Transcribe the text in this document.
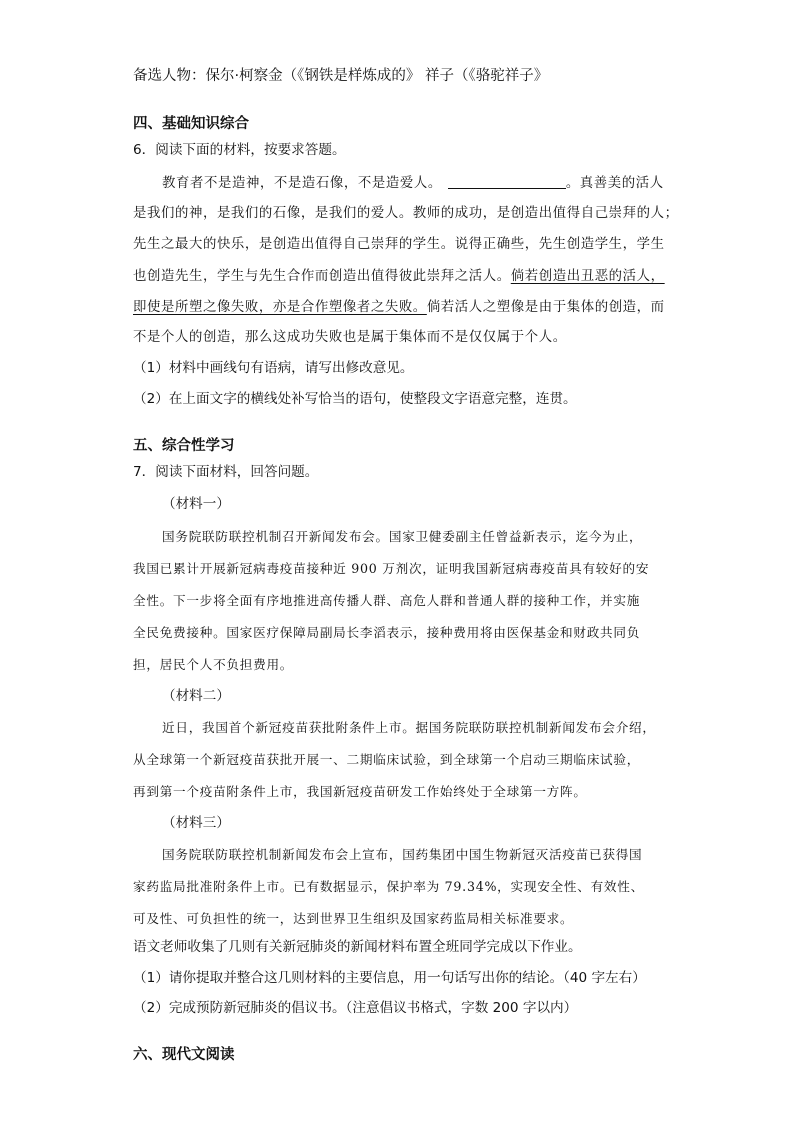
备选人物：保尔·柯察金（《钢铁是样炼成的》 祥子（《骆驼祥子》
四、基础知识综合
6．阅读下面的材料，按要求答题。
教育者不是造神，不是造石像，不是造爱人。	。真善美的活人
是我们的神，是我们的石像，是我们的爱人。教师的成功，是创造出值得自己崇拜的人；
先生之最大的快乐，是创造出值得自己崇拜的学生。说得正确些，先生创造学生，学生
也创造先生，学生与先生合作而创造出值得彼此崇拜之活人。倘若创造出丑恶的活人，
即使是所塑之像失败，亦是合作塑像者之失败。倘若活人之塑像是由于集体的创造，而
不是个人的创造，那么这成功失败也是属于集体而不是仅仅属于个人。
（1）材料中画线句有语病，请写出修改意见。
（2）在上面文字的横线处补写恰当的语句，使整段文字语意完整，连贯。
五、综合性学习
7．阅读下面材料，回答问题。
（材料一）
国务院联防联控机制召开新闻发布会。国家卫健委副主任曾益新表示，迄今为止，
我国已累计开展新冠病毒疫苗接种近 900 万剂次，证明我国新冠病毒疫苗具有较好的安
全性。下一步将全面有序地推进高传播人群、高危人群和普通人群的接种工作，并实施
全民免费接种。国家医疗保障局副局长李滔表示，接种费用将由医保基金和财政共同负
担，居民个人不负担费用。
（材料二）
近日，我国首个新冠疫苗获批附条件上市。据国务院联防联控机制新闻发布会介绍，
从全球第一个新冠疫苗获批开展一、二期临床试验，到全球第一个启动三期临床试验，
再到第一个疫苗附条件上市，我国新冠疫苗研发工作始终处于全球第一方阵。
（材料三）
国务院联防联控机制新闻发布会上宣布，国药集团中国生物新冠灭活疫苗已获得国
家药监局批准附条件上市。已有数据显示，保护率为 79.34%，实现安全性、有效性、
可及性、可负担性的统一，达到世界卫生组织及国家药监局相关标准要求。
语文老师收集了几则有关新冠肺炎的新闻材料布置全班同学完成以下作业。
（1）请你提取并整合这几则材料的主要信息，用一句话写出你的结论。（40 字左右）
（2）完成预防新冠肺炎的倡议书。（注意倡议书格式，字数 200 字以内）
六、现代文阅读
